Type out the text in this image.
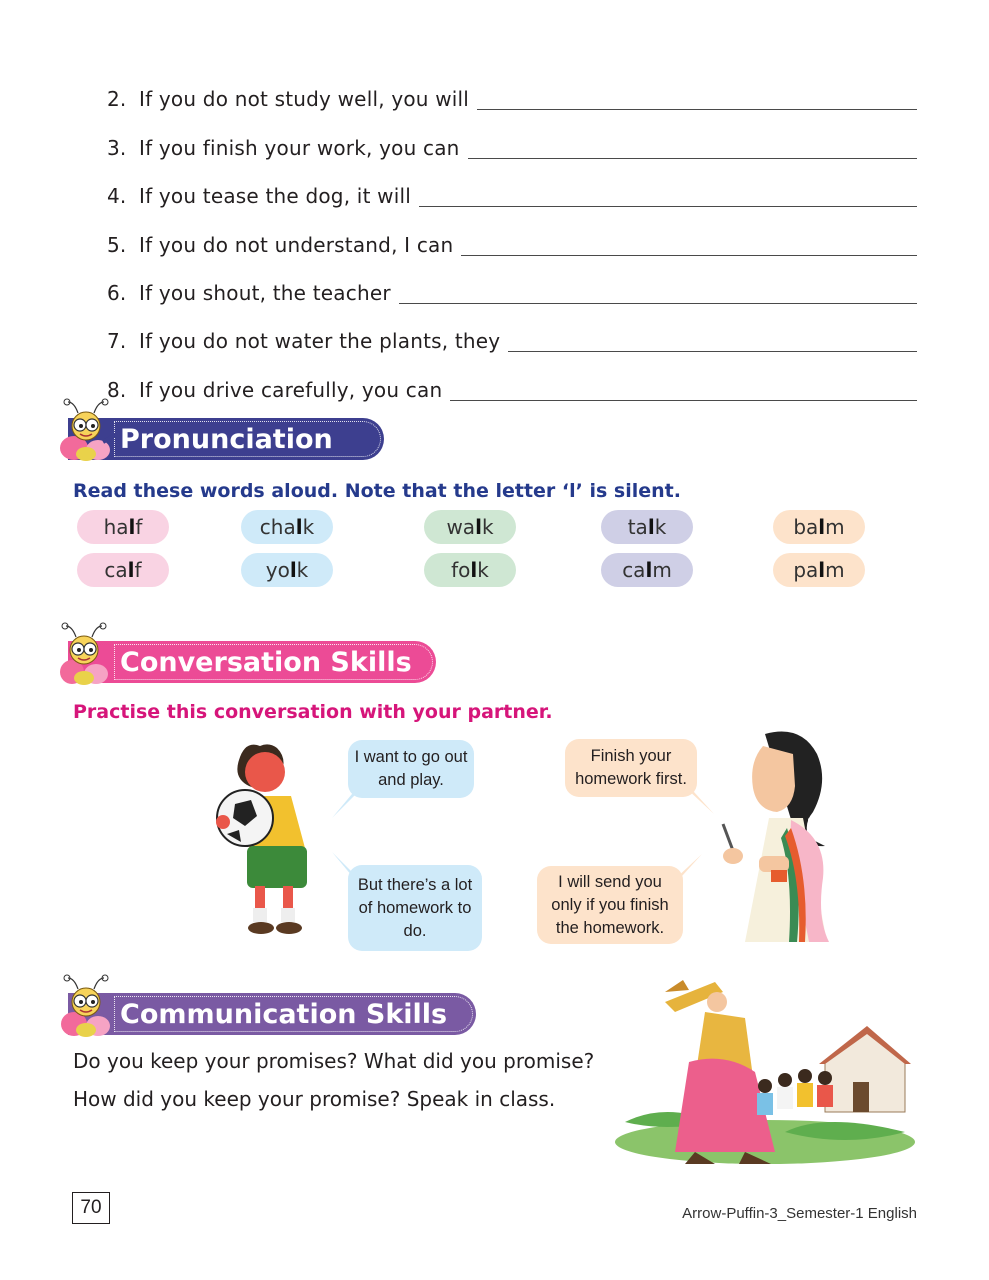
2. If you do not study well, you will
3. If you finish your work, you can
4. If you tease the dog, it will
5. If you do not understand, I can
6. If you shout, the teacher
7. If you do not water the plants, they
8. If you drive carefully, you can
Pronunciation
Read these words aloud. Note that the letter ‘l’ is silent.
ha l f	cha l k	wa l k	ta l k	ba l m
ca l f	yo l k	fo l k	ca l m	pa l m
Conversation Skills
Practise this conversation with your partner.
I want to go out and play.
But there’s a lot of homework to do.
Finish your homework first.
I will send you only if you finish the homework.
Communication Skills
Do you keep your promises? What did you promise?
How did you keep your promise? Speak in class.
70	Arrow-Puffin-3_Semester-1 English
